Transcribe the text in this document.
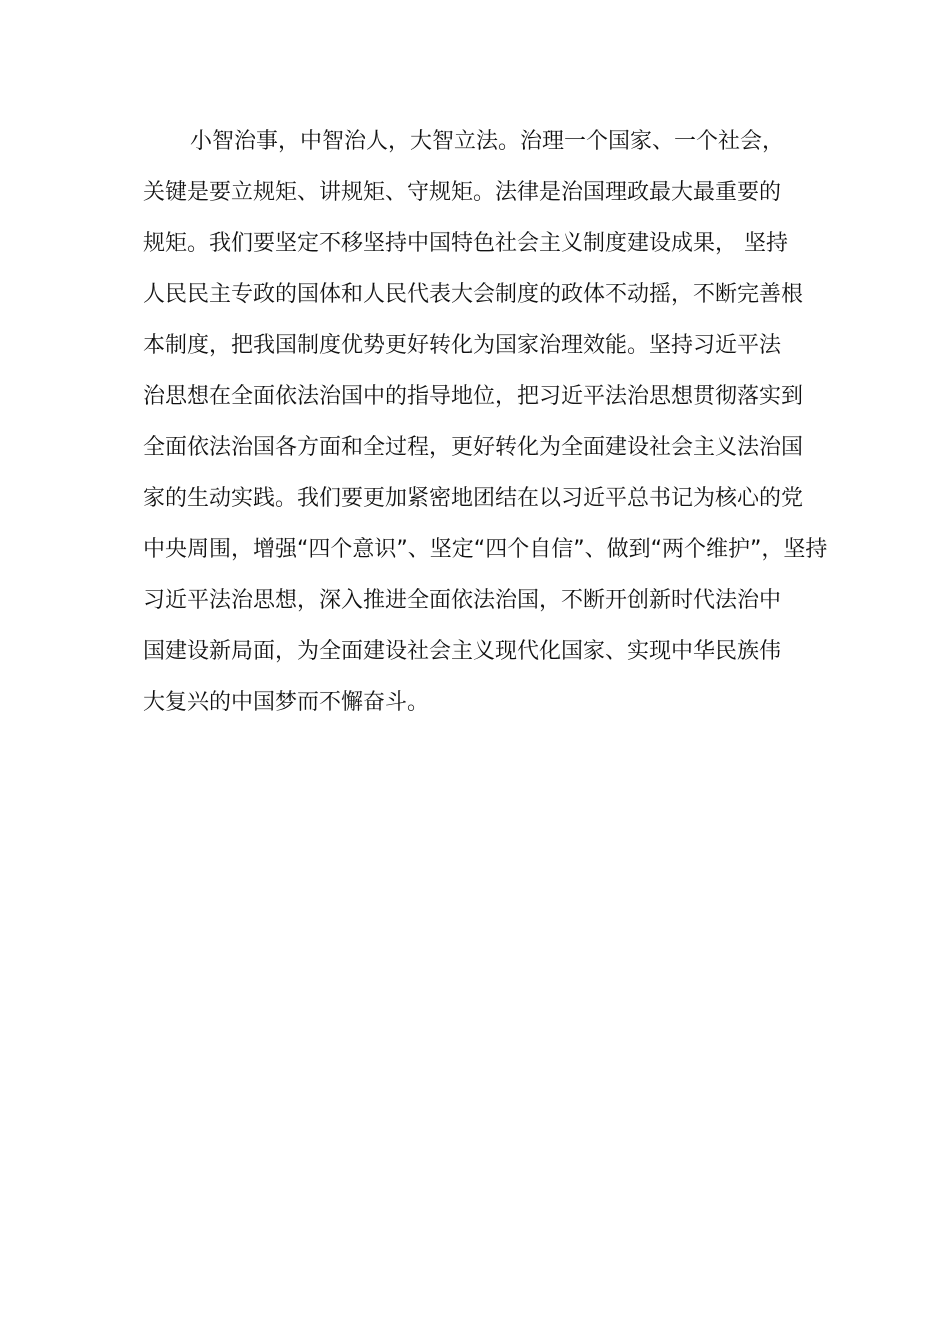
小智治事，中智治人，大智立法。治理一个国家、一个社会，
关键是要立规矩、讲规矩、守规矩。法律是治国理政最大最重要的
规矩。我们要坚定不移坚持中国特色社会主义制度建设成果， 坚持
人民民主专政的国体和人民代表大会制度的政体不动摇，不断完善根
本制度，把我国制度优势更好转化为国家治理效能。坚持习近平法
治思想在全面依法治国中的指导地位，把习近平法治思想贯彻落实到
全面依法治国各方面和全过程，更好转化为全面建设社会主义法治国
家的生动实践。我们要更加紧密地团结在以习近平总书记为核心的党
中央周围，增强“四个意识”、坚定“四个自信”、做到“两个维护”，坚持
习近平法治思想，深入推进全面依法治国，不断开创新时代法治中
国建设新局面，为全面建设社会主义现代化国家、实现中华民族伟
大复兴的中国梦而不懈奋斗。
